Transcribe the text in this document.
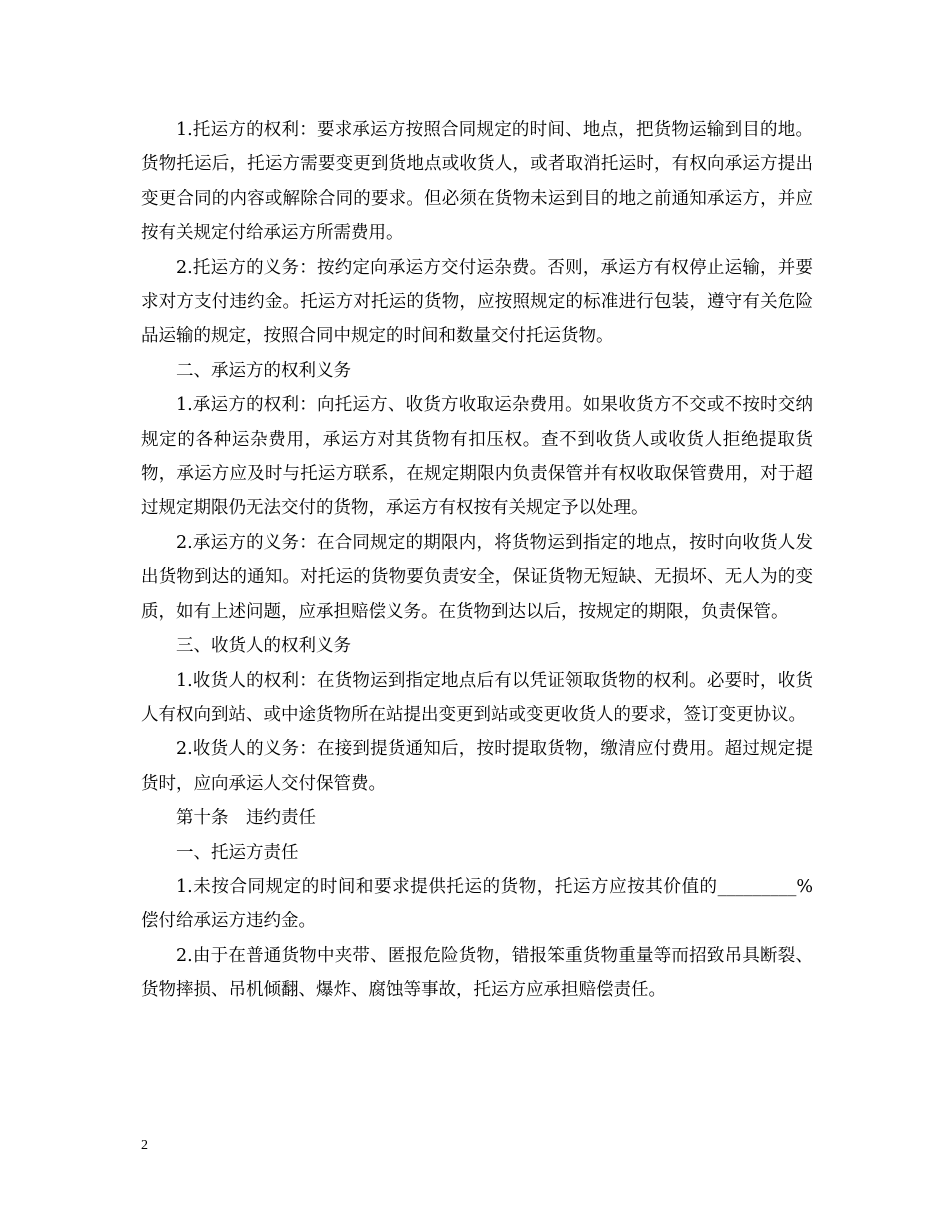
1.托运方的权利：要求承运方按照合同规定的时间、地点，把货物运输到目的地。货物托运后，托运方需要变更到货地点或收货人，或者取消托运时，有权向承运方提出变更合同的内容或解除合同的要求。但必须在货物未运到目的地之前通知承运方，并应按有关规定付给承运方所需费用。

2.托运方的义务：按约定向承运方交付运杂费。否则，承运方有权停止运输，并要求对方支付违约金。托运方对托运的货物，应按照规定的标准进行包装，遵守有关危险品运输的规定，按照合同中规定的时间和数量交付托运货物。

二、承运方的权利义务

1.承运方的权利：向托运方、收货方收取运杂费用。如果收货方不交或不按时交纳规定的各种运杂费用，承运方对其货物有扣压权。查不到收货人或收货人拒绝提取货物，承运方应及时与托运方联系，在规定期限内负责保管并有权收取保管费用，对于超过规定期限仍无法交付的货物，承运方有权按有关规定予以处理。

2.承运方的义务：在合同规定的期限内，将货物运到指定的地点，按时向收货人发出货物到达的通知。对托运的货物要负责安全，保证货物无短缺、无损坏、无人为的变质，如有上述问题，应承担赔偿义务。在货物到达以后，按规定的期限，负责保管。

三、收货人的权利义务

1.收货人的权利：在货物运到指定地点后有以凭证领取货物的权利。必要时，收货人有权向到站、或中途货物所在站提出变更到站或变更收货人的要求，签订变更协议。

2.收货人的义务：在接到提货通知后，按时提取货物，缴清应付费用。超过规定提货时，应向承运人交付保管费。

第十条　违约责任

一、托运方责任

1.未按合同规定的时间和要求提供托运的货物，托运方应按其价值的_________%偿付给承运方违约金。

2.由于在普通货物中夹带、匿报危险货物，错报笨重货物重量等而招致吊具断裂、货物摔损、吊机倾翻、爆炸、腐蚀等事故，托运方应承担赔偿责任。

2
